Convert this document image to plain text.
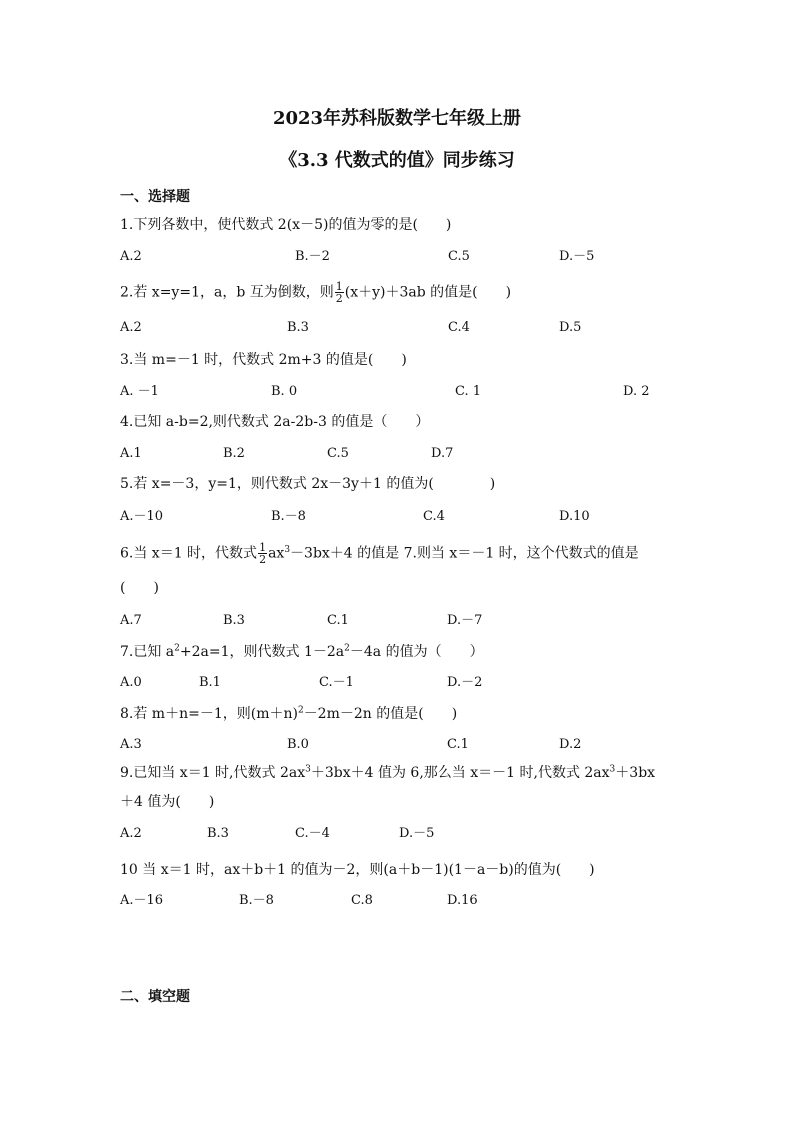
2023年苏科版数学七年级上册
《3.3 代数式的值》同步练习
一、选择题
1.下列各数中，使代数式 2(x－5)的值为零的是(　　)
A.2	B.－2	C.5	D.－5
2.若 x=y=1，a，b 互为倒数，则 $\frac{1}{2} (x+y)+3ab$ 的值是(　　)
A.2	B.3	C.4	D.5
3.当 m=－1 时，代数式 2m+3 的值是(　　)
A. －1	B. 0	C. 1	D. 2
4.已知 a-b=2,则代数式 2a-2b-3 的值是（　　）
A.1	B.2	C.5	D.7
5.若 x=－3，y=1，则代数式 2x－3y＋1 的值为(　　　　)
A.－10	B.－8	C.4	D.10
6.当 x＝1 时，代数式 $\frac{1}{2} ax^3-3bx+4$ 的值是 7.则当 x＝－1 时，这个代数式的值是
(　　)
A.7	B.3	C.1	D.－7
7.已知 $a^2+2a=1$，则代数式 $1-2a^2-4a$ 的值为（　　）
A.0	B.1	C.－1	D.－2
8.若 m＋n=－1，则$(m+n)^2-2m-2n$ 的值是(　　)
A.3	B.0	C.1	D.2
9.已知当 x＝1 时,代数式 $2ax^3+3bx+4$ 值为 6,那么当 x＝－1 时,代数式 $2ax^3+3bx$
＋4 值为(　　)
A.2	B.3	C.－4	D.－5
10 当 x＝1 时，ax＋b＋1 的值为－2，则(a＋b－1)(1－a－b)的值为(　　)
A.－16	B.－8	C.8	D.16
二、填空题
